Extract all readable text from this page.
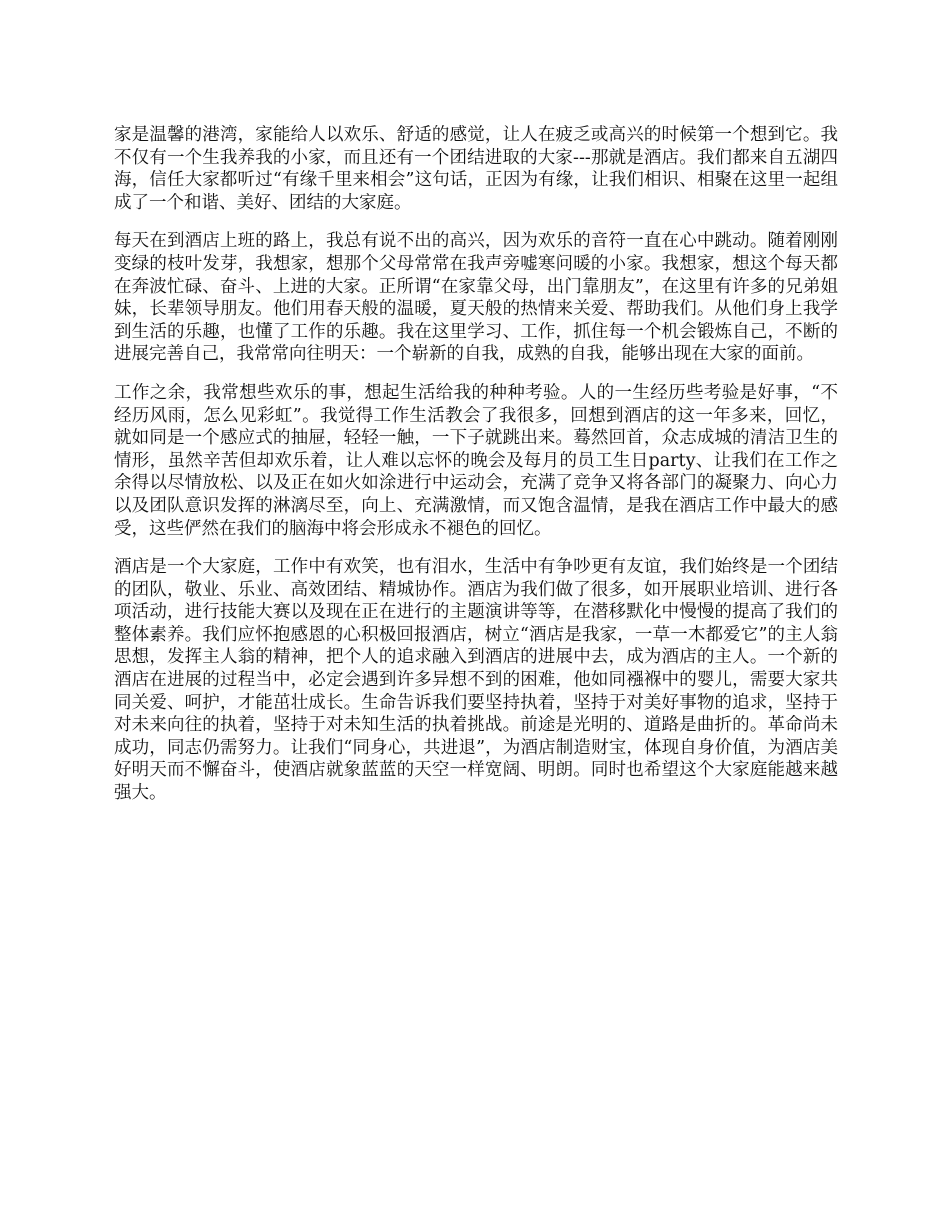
家是温馨的港湾，家能给人以欢乐、舒适的感觉，让人在疲乏或高兴的时候第一个想到它。我不仅有一个生我养我的小家，而且还有一个团结进取的大家---那就是酒店。我们都来自五湖四海，信任大家都听过“有缘千里来相会”这句话，正因为有缘，让我们相识、相聚在这里一起组成了一个和谐、美好、团结的大家庭。

每天在到酒店上班的路上，我总有说不出的高兴，因为欢乐的音符一直在心中跳动。随着刚刚变绿的枝叶发芽，我想家，想那个父母常常在我声旁嘘寒问暖的小家。我想家，想这个每天都在奔波忙碌、奋斗、上进的大家。正所谓“在家靠父母，出门靠朋友”，在这里有许多的兄弟姐妹，长辈领导朋友。他们用春天般的温暖，夏天般的热情来关爱、帮助我们。从他们身上我学到生活的乐趣，也懂了工作的乐趣。我在这里学习、工作，抓住每一个机会锻炼自己，不断的进展完善自己，我常常向往明天：一个崭新的自我，成熟的自我，能够出现在大家的面前。

工作之余，我常想些欢乐的事，想起生活给我的种种考验。人的一生经历些考验是好事，“不经历风雨，怎么见彩虹”。我觉得工作生活教会了我很多，回想到酒店的这一年多来，回忆，就如同是一个感应式的抽屉，轻轻一触，一下子就跳出来。蓦然回首，众志成城的清洁卫生的情形，虽然辛苦但却欢乐着，让人难以忘怀的晚会及每月的员工生日party、让我们在工作之余得以尽情放松、以及正在如火如涂进行中运动会，充满了竞争又将各部门的凝聚力、向心力以及团队意识发挥的淋漓尽至，向上、充满激情，而又饱含温情，是我在酒店工作中最大的感受，这些俨然在我们的脑海中将会形成永不褪色的回忆。

酒店是一个大家庭，工作中有欢笑，也有泪水，生活中有争吵更有友谊，我们始终是一个团结的团队，敬业、乐业、高效团结、精城协作。酒店为我们做了很多，如开展职业培训、进行各项活动，进行技能大赛以及现在正在进行的主题演讲等等，在潜移默化中慢慢的提高了我们的整体素养。我们应怀抱感恩的心积极回报酒店，树立“酒店是我家，一草一木都爱它”的主人翁思想，发挥主人翁的精神，把个人的追求融入到酒店的进展中去，成为酒店的主人。一个新的酒店在进展的过程当中，必定会遇到许多异想不到的困难，他如同襁褓中的婴儿，需要大家共同关爱、呵护，才能茁壮成长。生命告诉我们要坚持执着，坚持于对美好事物的追求，坚持于对未来向往的执着，坚持于对未知生活的执着挑战。前途是光明的、道路是曲折的。革命尚未成功，同志仍需努力。让我们“同身心，共进退”，为酒店制造财宝，体现自身价值，为酒店美好明天而不懈奋斗，使酒店就象蓝蓝的天空一样宽阔、明朗。同时也希望这个大家庭能越来越强大。
